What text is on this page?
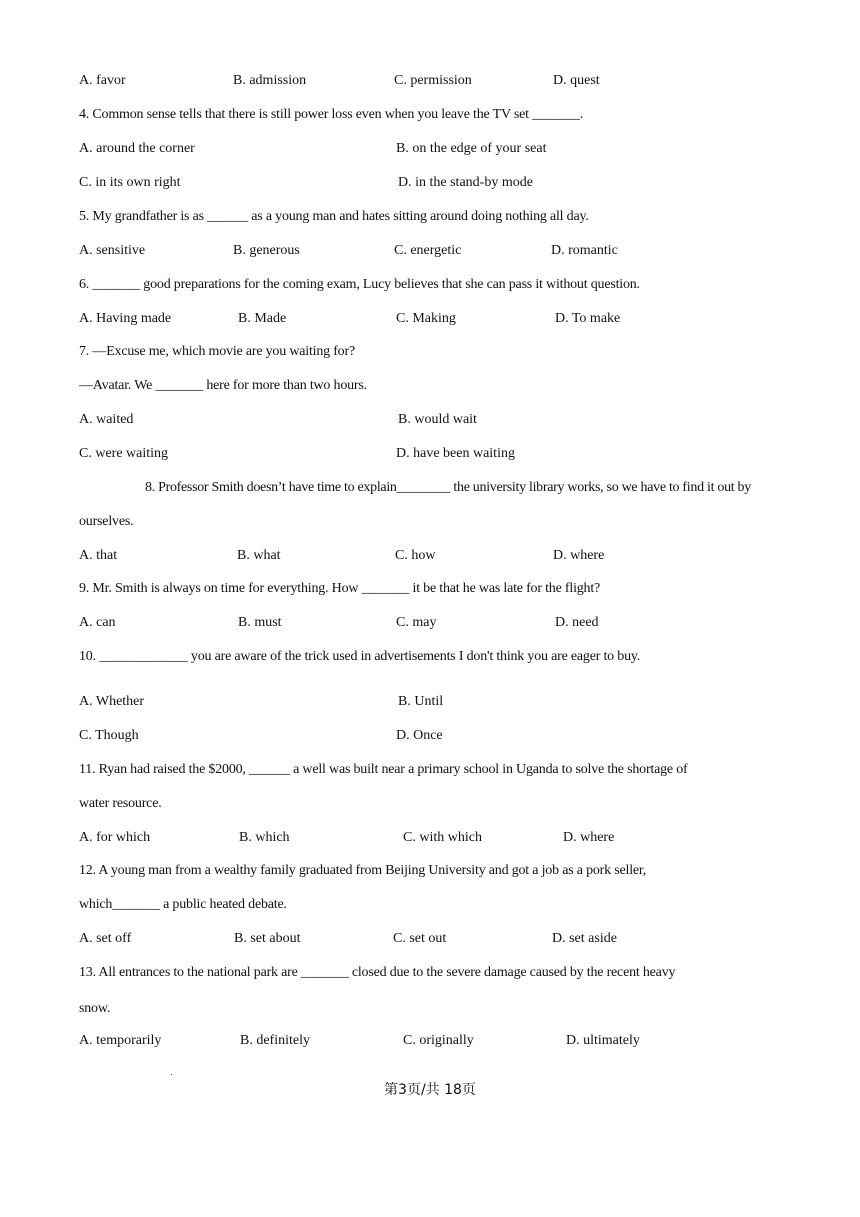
A. favor	B. admission	C. permission	D. quest
4. Common sense tells that there is still power loss even when you leave the TV set _______.
A. around the corner	B. on the edge of your seat
C. in its own right	D. in the stand-by mode
5. My grandfather is as ______ as a young man and hates sitting around doing nothing all day.
A. sensitive	B. generous	C. energetic	D. romantic
6. _______ good preparations for the coming exam, Lucy believes that she can pass it without question.
A. Having made	B. Made	C. Making	D. To make
7. —Excuse me, which movie are you waiting for?
—Avatar. We _______ here for more than two hours.
A. waited	B. would wait
C. were waiting	D. have been waiting
8. Professor Smith doesn’t have time to explain________ the university library works, so we have to find it out by
ourselves.
A. that	B. what	C. how	D. where
9. Mr. Smith is always on time for everything. How _______ it be that he was late for the flight?
A. can	B. must	C. may	D. need
10. _____________ you are aware of the trick used in advertisements I don't think you are eager to buy.
A. Whether	B. Until
C. Though	D. Once
11. Ryan had raised the $2000, ______ a well was built near a primary school in Uganda to solve the shortage of
water resource.
A. for which	B. which	C. with which	D. where
12. A young man from a wealthy family graduated from Beijing University and got a job as a pork seller,
which_______ a public heated debate.
A. set off	B. set about	C. set out	D. set aside
13. All entrances to the national park are _______ closed due to the severe damage caused by the recent heavy
snow.
A. temporarily	B. definitely	C. originally	D. ultimately
第3页/共 18页
